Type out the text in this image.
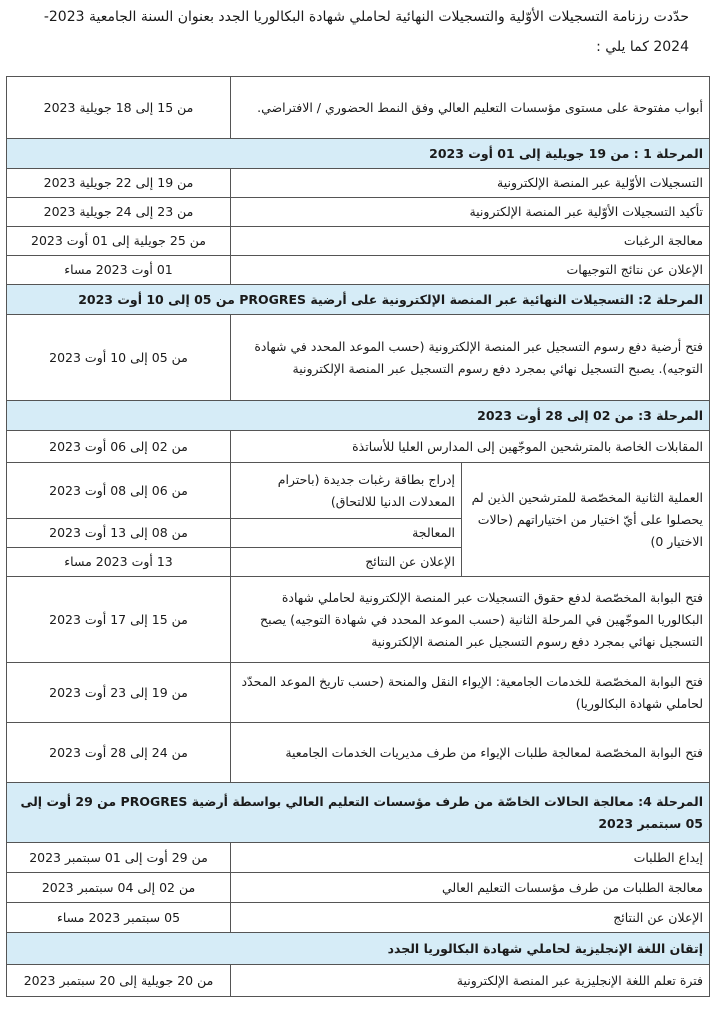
حدّدت رزنامة التسجيلات الأوّلية والتسجيلات النهائية لحاملي شهادة البكالوريا الجدد بعنوان السنة الجامعية 2023-2024 كما يلي :
أبواب مفتوحة على مستوى مؤسسات التعليم العالي وفق النمط الحضوري / الافتراضي.		من 15 إلى 18 جويلية 2023
المرحلة 1 : من 19 جويلية إلى 01 أوت 2023		
التسجيلات الأوّلية عبر المنصة الإلكترونية		من 19 إلى 22 جويلية 2023
تأكيد التسجيلات الأوّلية عبر المنصة الإلكترونية		من 23 إلى 24 جويلية 2023
معالجة الرغبات		من 25 جويلية إلى 01 أوت 2023
الإعلان عن نتائج التوجيهات		01 أوت 2023 مساء
المرحلة 2: التسجيلات النهائية عبر المنصة الإلكترونية على أرضية PROGRES من 05 إلى 10 أوت 2023		
فتح أرضية دفع رسوم التسجيل عبر المنصة الإلكترونية (حسب الموعد المحدد في شهادة التوجيه). يصبح التسجيل نهائي بمجرد دفع رسوم التسجيل عبر المنصة الإلكترونية		من 05 إلى 10 أوت 2023
المرحلة 3: من 02 إلى 28 أوت 2023		
المقابلات الخاصة بالمترشحين الموجّهين إلى المدارس العليا للأساتذة		من 02 إلى 06 أوت 2023
العملية الثانية المخصّصة للمترشحين الذين لم يحصلوا على أيّ اختيار من اختياراتهم (حالات الاختيار 0)	إدراج بطاقة رغبات جديدة (باحترام المعدلات الدنيا للالتحاق)	من 06 إلى 08 أوت 2023
	المعالجة	من 08 إلى 13 أوت 2023
	الإعلان عن النتائج	13 أوت 2023 مساء
فتح البوابة المخصّصة لدفع حقوق التسجيلات عبر المنصة الإلكترونية لحاملي شهادة البكالوريا الموجّهين في المرحلة الثانية (حسب الموعد المحدد في شهادة التوجيه) يصبح التسجيل نهائي بمجرد دفع رسوم التسجيل عبر المنصة الإلكترونية		من 15 إلى 17 أوت 2023
فتح البوابة المخصّصة للخدمات الجامعية: الإيواء النقل والمنحة (حسب تاريخ الموعد المحدّد لحاملي شهادة البكالوريا)		من 19 إلى 23 أوت 2023
فتح البوابة المخصّصة لمعالجة طلبات الإيواء من طرف مديريات الخدمات الجامعية		من 24 إلى 28 أوت 2023
المرحلة 4: معالجة الحالات الخاصّة من طرف مؤسسات التعليم العالي بواسطة أرضية PROGRES من 29 أوت إلى 05 سبتمبر 2023		
إيداع الطلبات		من 29 أوت إلى 01 سبتمبر 2023
معالجة الطلبات من طرف مؤسسات التعليم العالي		من 02 إلى 04 سبتمبر 2023
الإعلان عن النتائج		05 سبتمبر 2023 مساء
إتقان اللغة الإنجليزية لحاملي شهادة البكالوريا الجدد		
فترة تعلم اللغة الإنجليزية عبر المنصة الإلكترونية		من 20 جويلية إلى 20 سبتمبر 2023
